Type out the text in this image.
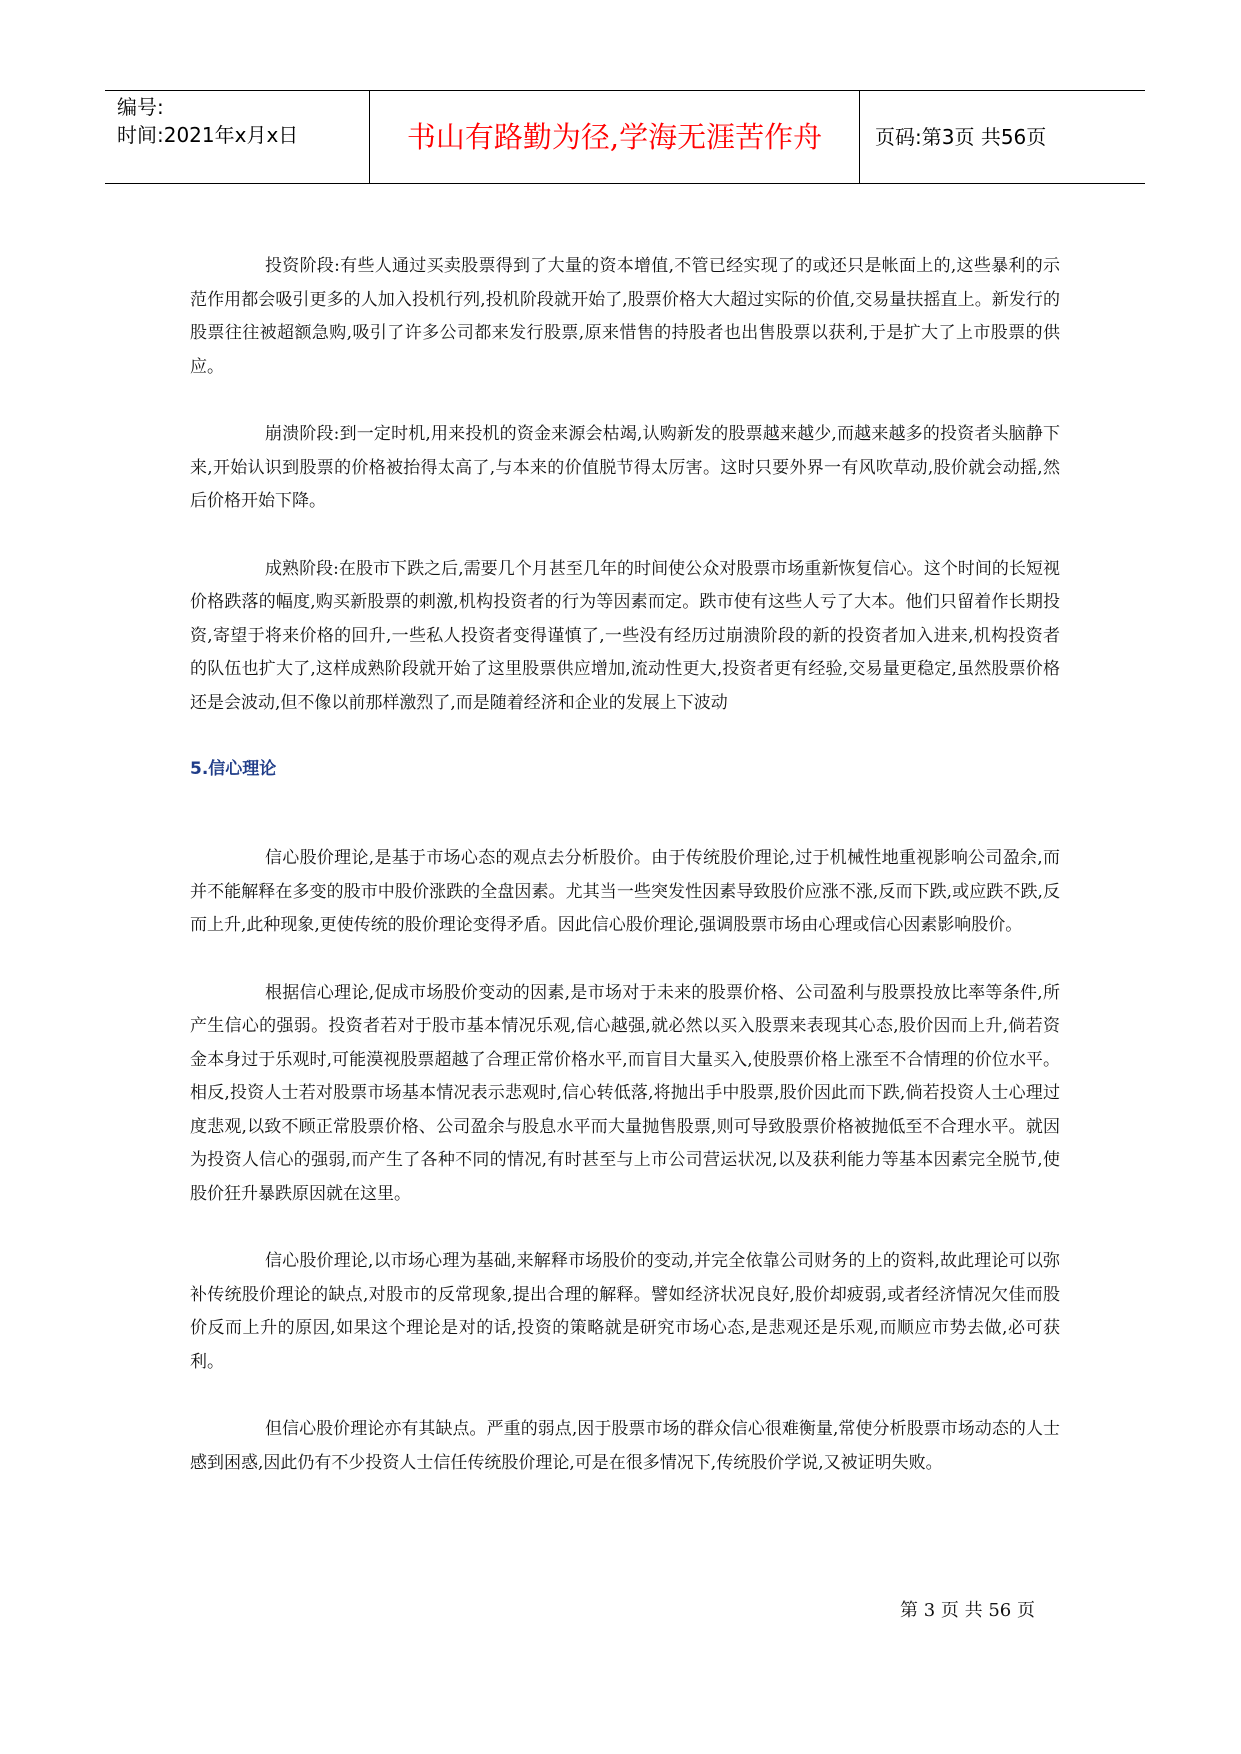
编号:
时间:2021年x月x日	书山有路勤为径,学海无涯苦作舟	页码:第3页 共56页

投资阶段:有些人通过买卖股票得到了大量的资本增值,不管已经实现了的或还只是帐面上的,这些暴利的示范作用都会吸引更多的人加入投机行列,投机阶段就开始了,股票价格大大超过实际的价值,交易量扶摇直上。新发行的股票往往被超额急购,吸引了许多公司都来发行股票,原来惜售的持股者也出售股票以获利,于是扩大了上市股票的供应。

崩溃阶段:到一定时机,用来投机的资金来源会枯竭,认购新发的股票越来越少,而越来越多的投资者头脑静下来,开始认识到股票的价格被抬得太高了,与本来的价值脱节得太厉害。这时只要外界一有风吹草动,股价就会动摇,然后价格开始下降。

成熟阶段:在股市下跌之后,需要几个月甚至几年的时间使公众对股票市场重新恢复信心。这个时间的长短视价格跌落的幅度,购买新股票的刺激,机构投资者的行为等因素而定。跌市使有这些人亏了大本。他们只留着作长期投资,寄望于将来价格的回升,一些私人投资者变得谨慎了,一些没有经历过崩溃阶段的新的投资者加入进来,机构投资者的队伍也扩大了,这样成熟阶段就开始了这里股票供应增加,流动性更大,投资者更有经验,交易量更稳定,虽然股票价格还是会波动,但不像以前那样激烈了,而是随着经济和企业的发展上下波动

5.信心理论

信心股价理论,是基于市场心态的观点去分析股价。由于传统股价理论,过于机械性地重视影响公司盈余,而并不能解释在多变的股市中股价涨跌的全盘因素。尤其当一些突发性因素导致股价应涨不涨,反而下跌,或应跌不跌,反而上升,此种现象,更使传统的股价理论变得矛盾。因此信心股价理论,强调股票市场由心理或信心因素影响股价。

根据信心理论,促成市场股价变动的因素,是市场对于未来的股票价格、公司盈利与股票投放比率等条件,所产生信心的强弱。投资者若对于股市基本情况乐观,信心越强,就必然以买入股票来表现其心态,股价因而上升,倘若资金本身过于乐观时,可能漠视股票超越了合理正常价格水平,而盲目大量买入,使股票价格上涨至不合情理的价位水平。相反,投资人士若对股票市场基本情况表示悲观时,信心转低落,将抛出手中股票,股价因此而下跌,倘若投资人士心理过度悲观,以致不顾正常股票价格、公司盈余与股息水平而大量抛售股票,则可导致股票价格被抛低至不合理水平。就因为投资人信心的强弱,而产生了各种不同的情况,有时甚至与上市公司营运状况,以及获利能力等基本因素完全脱节,使股价狂升暴跌原因就在这里。

信心股价理论,以市场心理为基础,来解释市场股价的变动,并完全依靠公司财务的上的资料,故此理论可以弥补传统股价理论的缺点,对股市的反常现象,提出合理的解释。譬如经济状况良好,股价却疲弱,或者经济情况欠佳而股价反而上升的原因,如果这个理论是对的话,投资的策略就是研究市场心态,是悲观还是乐观,而顺应市势去做,必可获利。

但信心股价理论亦有其缺点。严重的弱点,因于股票市场的群众信心很难衡量,常使分析股票市场动态的人士感到困惑,因此仍有不少投资人士信任传统股价理论,可是在很多情况下,传统股价学说,又被证明失败。

第 3 页 共 56 页
